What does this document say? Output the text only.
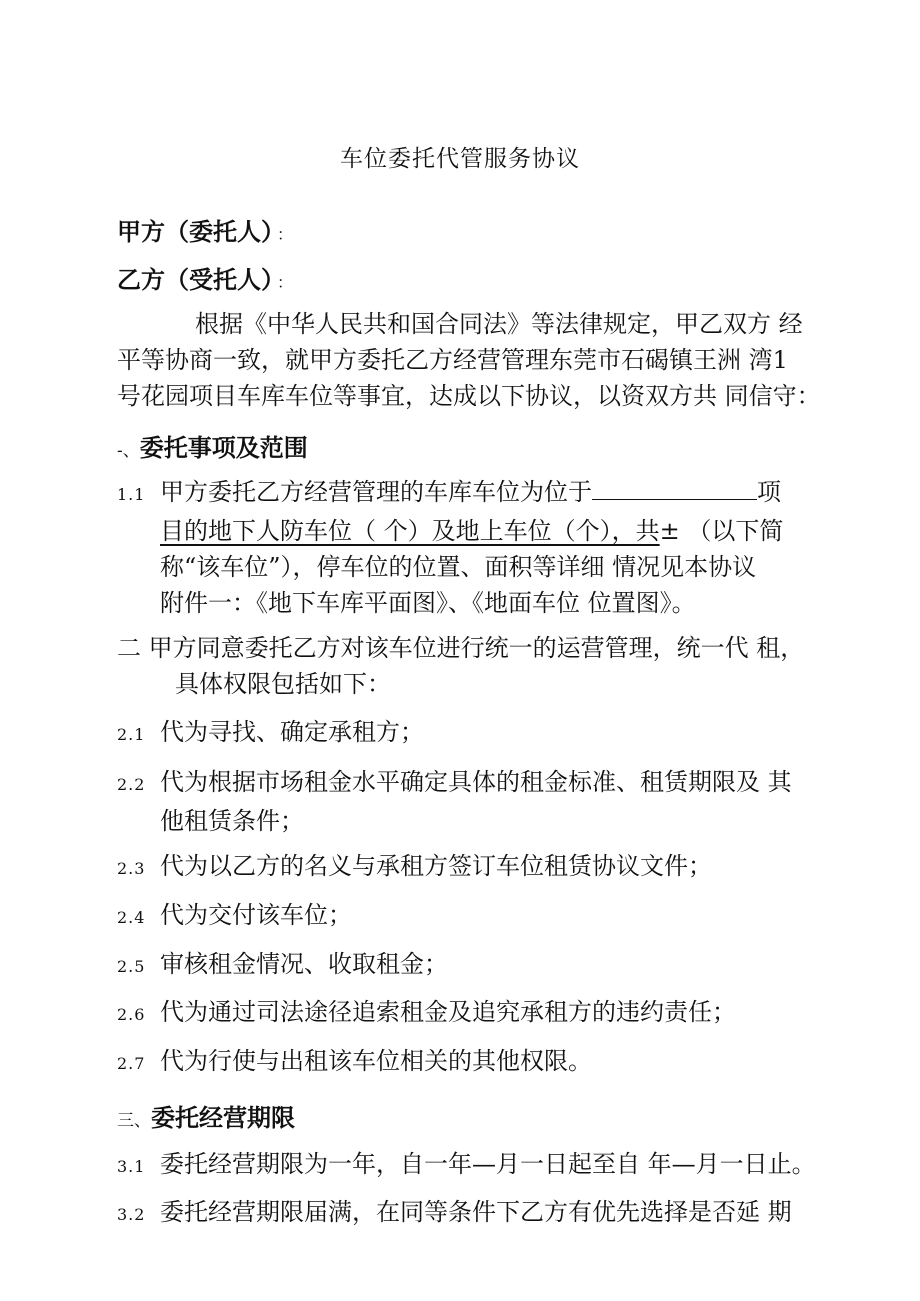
车位委托代管服务协议
甲方（委托人） ：
乙方（受托人） ：
根据《中华人民共和国合同法》等法律规定，甲乙双方 经
平等协商一致，就甲方委托乙方经营管理东莞市石碣镇王洲 湾1
号花园项目车库车位等事宜，达成以下协议，以资双方共 同信守：
-、委托事项及范围
1.1 甲方委托乙方经营管理的车库车位为位于	项
目的地下人防车位（ 个）及地上车位（个），共± （以下简
称“该车位”），停车位的位置、面积等详细 情况见本协议
附件一：《地下车库平面图》、《地面车位 位置图》。
二 甲方同意委托乙方对该车位进行统一的运营管理，统一代 租，
具体权限包括如下：
2.1 代为寻找、确定承租方；
2.2 代为根据市场租金水平确定具体的租金标准、租赁期限及 其
他租赁条件；
2.3 代为以乙方的名义与承租方签订车位租赁协议文件；
2.4 代为交付该车位；
2.5 审核租金情况、收取租金；
2.6 代为通过司法途径追索租金及追究承租方的违约责任；
2.7 代为行使与出租该车位相关的其他权限。
三、委托经营期限
3.1 委托经营期限为一年，自一年—月一日起至自 年—月一日止。
3.2 委托经营期限届满，在同等条件下乙方有优先选择是否延 期
